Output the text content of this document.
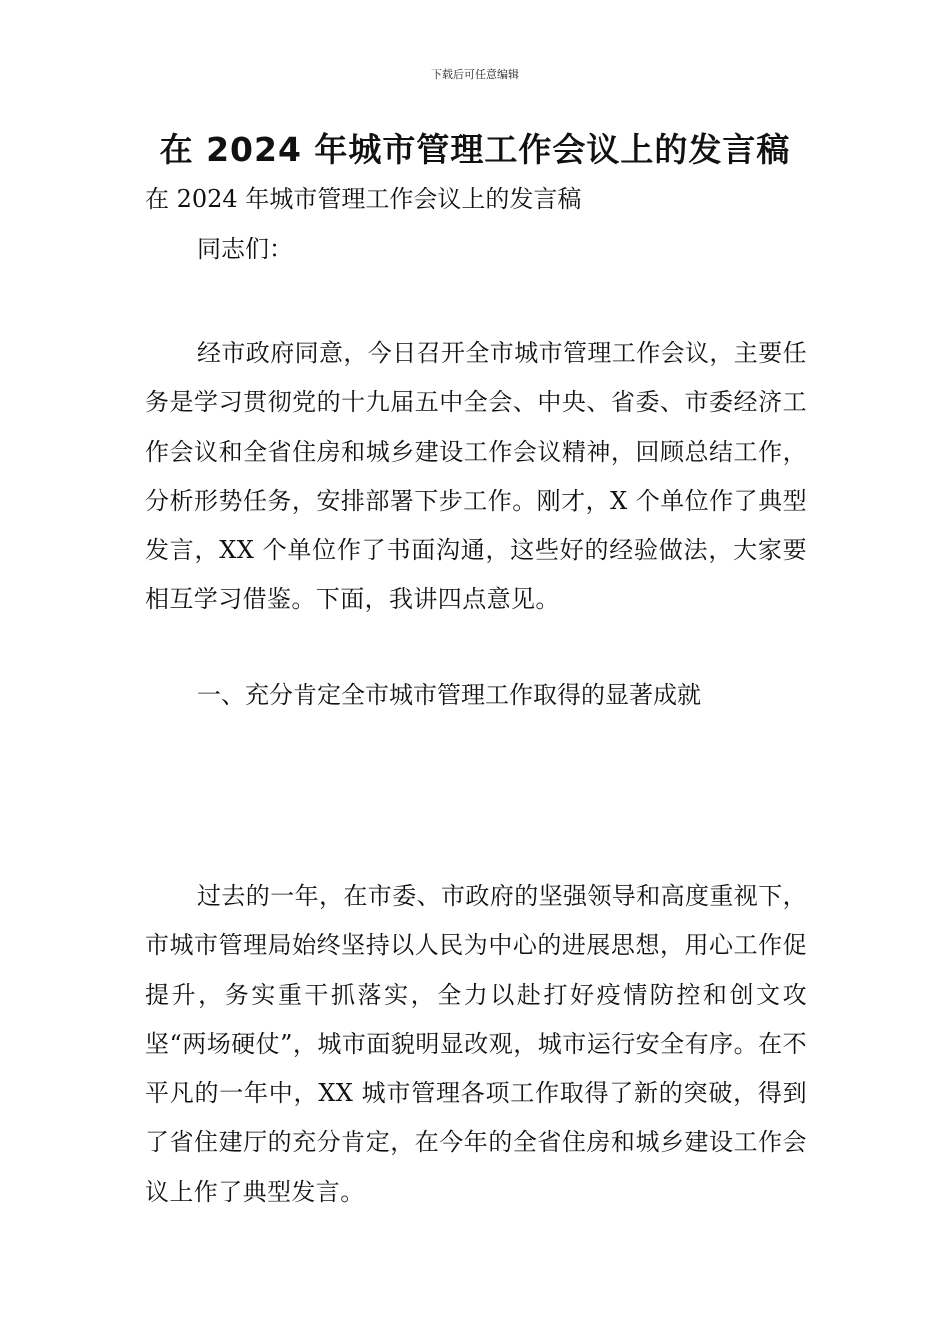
下载后可任意编辑
在 2024 年城市管理工作会议上的发言稿

在 2024 年城市管理工作会议上的发言稿

同志们：

经市政府同意，今日召开全市城市管理工作会议，主要任务是学习贯彻党的十九届五中全会、中央、省委、市委经济工作会议和全省住房和城乡建设工作会议精神，回顾总结工作，分析形势任务，安排部署下步工作。刚才，X 个单位作了典型发言，XX 个单位作了书面沟通，这些好的经验做法，大家要相互学习借鉴。下面，我讲四点意见。

一、充分肯定全市城市管理工作取得的显著成就

过去的一年，在市委、市政府的坚强领导和高度重视下，市城市管理局始终坚持以人民为中心的进展思想，用心工作促提升，务实重干抓落实，全力以赴打好疫情防控和创文攻坚“两场硬仗”，城市面貌明显改观，城市运行安全有序。在不平凡的一年中，XX 城市管理各项工作取得了新的突破，得到了省住建厅的充分肯定，在今年的全省住房和城乡建设工作会议上作了典型发言。
